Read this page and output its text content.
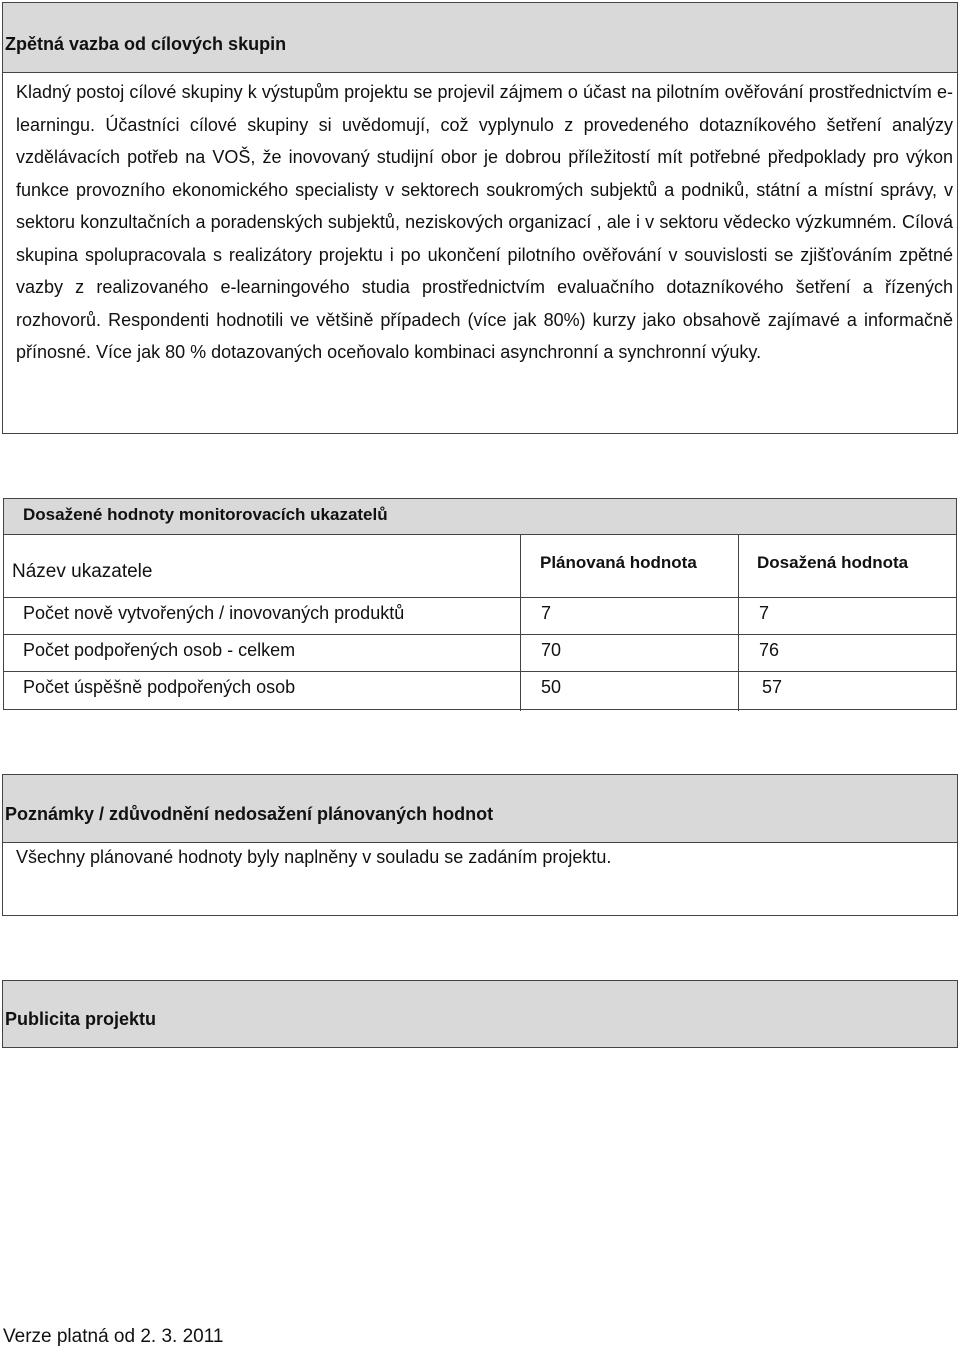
Zpětná vazba od cílových skupin
Kladný postoj cílové skupiny k výstupům projektu se projevil zájmem o účast na pilotním ověřování prostřednictvím e-learningu. Účastníci cílové skupiny si uvědomují, což vyplynulo z provedeného dotazníkového šetření analýzy vzdělávacích potřeb na VOŠ, že inovovaný studijní obor je dobrou příležitostí mít potřebné předpoklady pro výkon funkce provozního ekonomického specialisty v sektorech soukromých subjektů a podniků, státní a místní správy, v sektoru konzultačních a poradenských subjektů, neziskových organizací , ale i v sektoru vědecko výzkumném. Cílová skupina spolupracovala s realizátory projektu i po ukončení pilotního ověřování v souvislosti se zjišťováním zpětné vazby z realizovaného e-learningového studia prostřednictvím evaluačního dotazníkového šetření a řízených rozhovorů. Respondenti hodnotili ve většině případech (více jak 80%) kurzy jako obsahově zajímavé a informačně přínosné. Více jak 80 % dotazovaných oceňovalo kombinaci asynchronní a synchronní výuky.
Dosažené hodnoty monitorovacích ukazatelů
Název ukazatele	Plánovaná hodnota	Dosažená hodnota
Počet nově vytvořených / inovovaných produktů	7	7
Počet podpořených osob - celkem	70	76
Počet úspěšně podpořených osob	50	57
Poznámky / zdůvodnění nedosažení plánovaných hodnot
Všechny plánované hodnoty byly naplněny v souladu se zadáním projektu.
Publicita projektu
Verze platná od 2. 3. 2011
